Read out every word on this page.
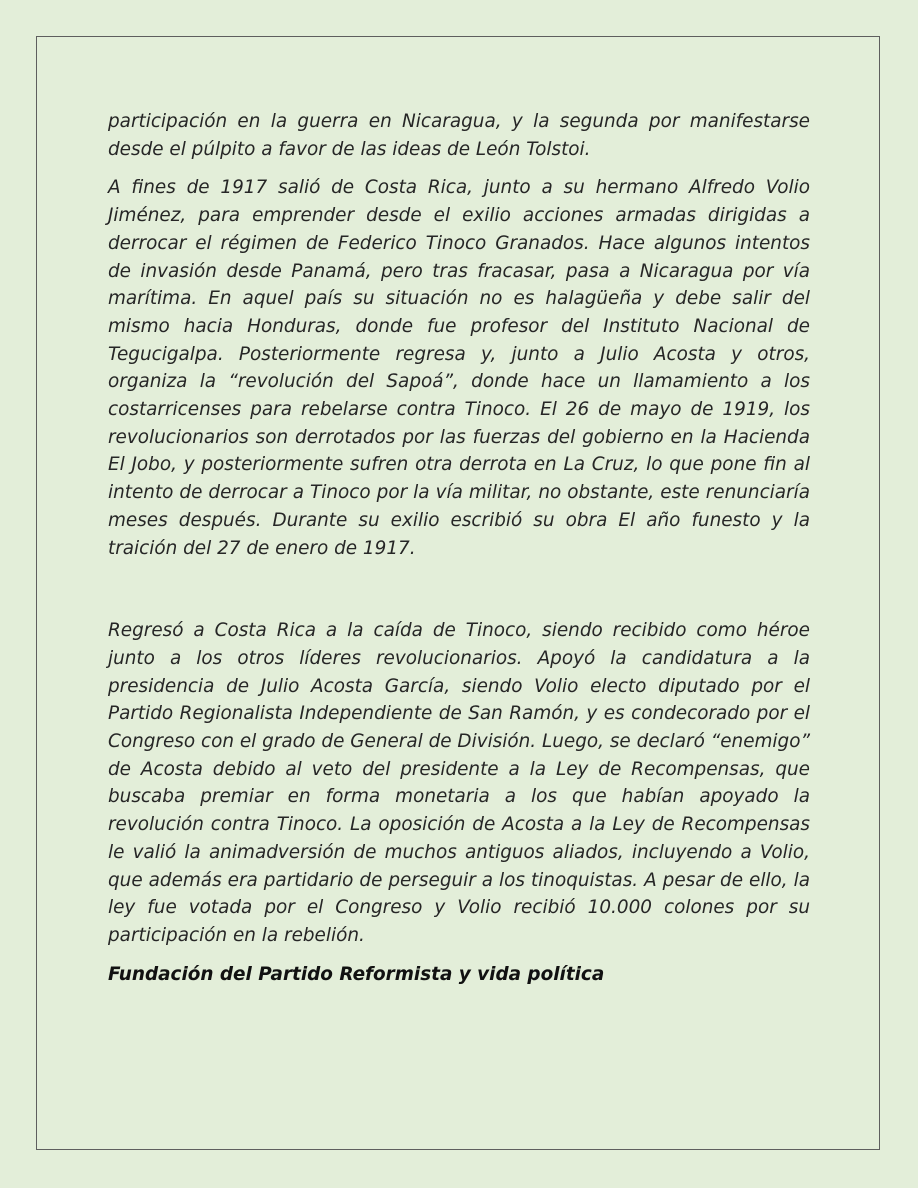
participación en la guerra en Nicaragua, y la segunda por manifestarse desde el púlpito a favor de las ideas de León Tolstoi.

A fines de 1917 salió de Costa Rica, junto a su hermano Alfredo Volio Jiménez, para emprender desde el exilio acciones armadas dirigidas a derrocar el régimen de Federico Tinoco Granados. Hace algunos intentos de invasión desde Panamá, pero tras fracasar, pasa a Nicaragua por vía marítima. En aquel país su situación no es halagüeña y debe salir del mismo hacia Honduras, donde fue profesor del Instituto Nacional de Tegucigalpa. Posteriormente regresa y, junto a Julio Acosta y otros, organiza la “revolución del Sapoá”, donde hace un llamamiento a los costarricenses para rebelarse contra Tinoco. El 26 de mayo de 1919, los revolucionarios son derrotados por las fuerzas del gobierno en la Hacienda El Jobo, y posteriormente sufren otra derrota en La Cruz, lo que pone fin al intento de derrocar a Tinoco por la vía militar, no obstante, este renunciaría meses después. Durante su exilio escribió su obra El año funesto y la traición del 27 de enero de 1917.

Regresó a Costa Rica a la caída de Tinoco, siendo recibido como héroe junto a los otros líderes revolucionarios. Apoyó la candidatura a la presidencia de Julio Acosta García, siendo Volio electo diputado por el Partido Regionalista Independiente de San Ramón, y es condecorado por el Congreso con el grado de General de División. Luego, se declaró “enemigo” de Acosta debido al veto del presidente a la Ley de Recompensas, que buscaba premiar en forma monetaria a los que habían apoyado la revolución contra Tinoco. La oposición de Acosta a la Ley de Recompensas le valió la animadversión de muchos antiguos aliados, incluyendo a Volio, que además era partidario de perseguir a los tinoquistas. A pesar de ello, la ley fue votada por el Congreso y Volio recibió 10.000 colones por su participación en la rebelión.

Fundación del Partido Reformista y vida política
